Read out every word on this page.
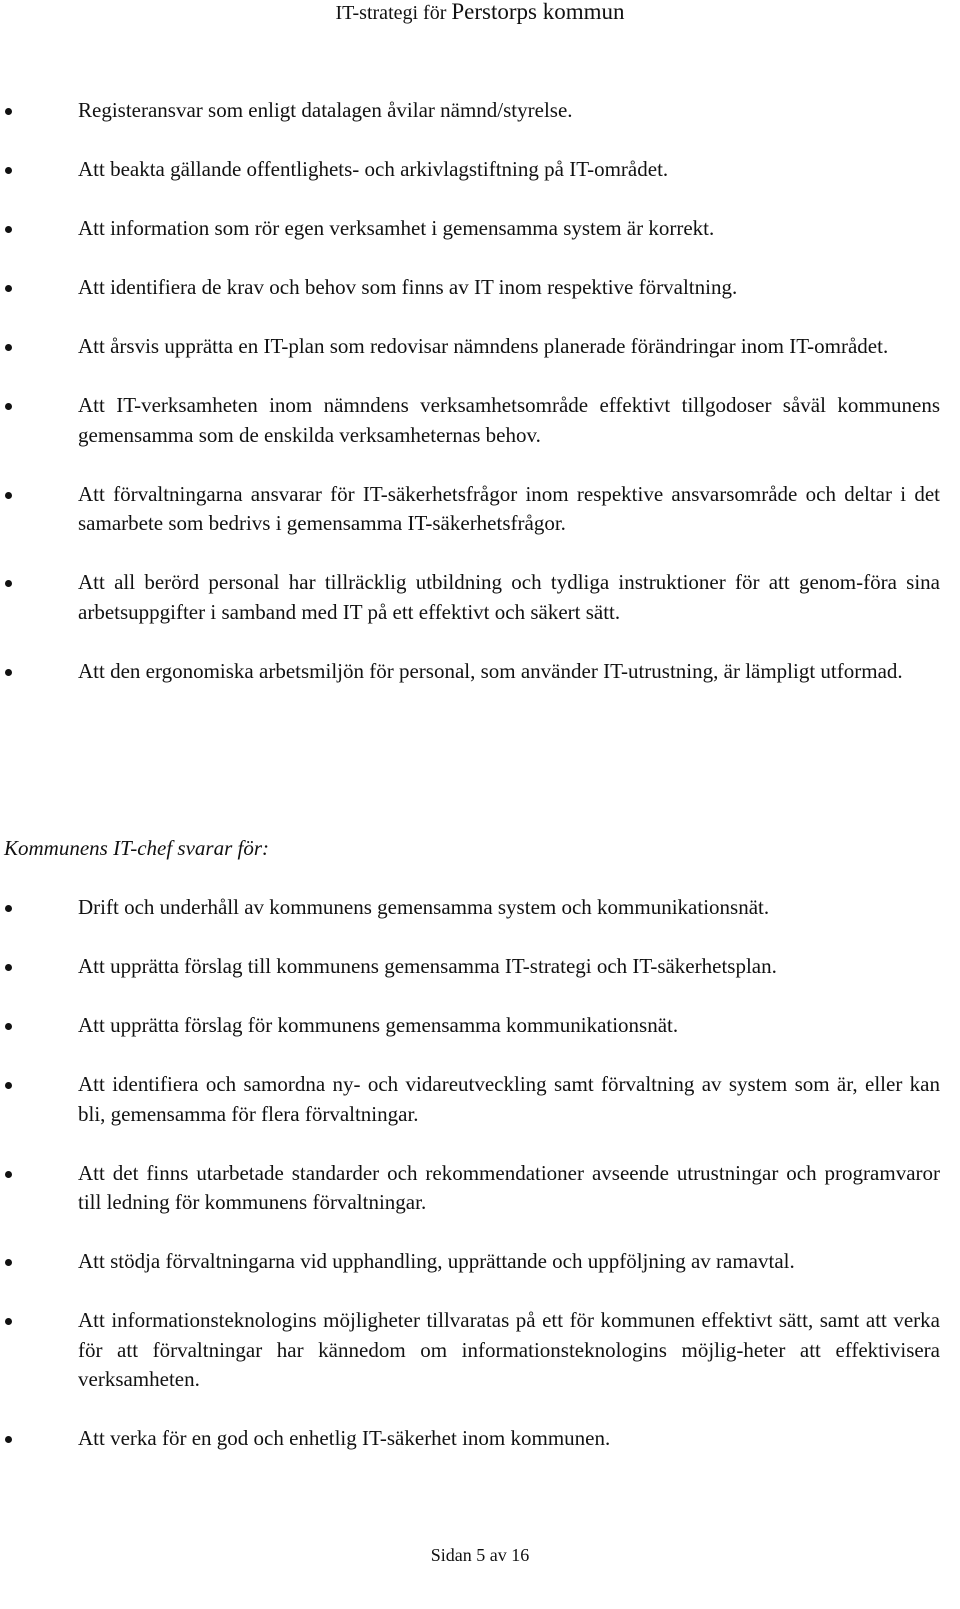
IT-strategi för Perstorps kommun
Registeransvar som enligt datalagen åvilar nämnd/styrelse.
Att beakta gällande offentlighets- och arkivlagstiftning på IT-området.
Att information som rör egen verksamhet i gemensamma system är korrekt.
Att identifiera de krav och behov som finns av IT inom respektive förvaltning.
Att årsvis upprätta en IT-plan som redovisar nämndens planerade förändringar inom IT-området.
Att IT-verksamheten inom nämndens verksamhetsområde effektivt tillgodoser såväl kommunens gemensamma som de enskilda verksamheternas behov.
Att förvaltningarna ansvarar för IT-säkerhetsfrågor inom respektive ansvarsområde och deltar i det samarbete som bedrivs i gemensamma IT-säkerhetsfrågor.
Att all berörd personal har tillräcklig utbildning och tydliga instruktioner för att genom-föra sina arbetsuppgifter i samband med IT på ett effektivt och säkert sätt.
Att den ergonomiska arbetsmiljön för personal, som använder IT-utrustning, är lämpligt utformad.
Kommunens IT-chef svarar för:
Drift och underhåll av kommunens gemensamma system och kommunikationsnät.
Att upprätta förslag till kommunens gemensamma IT-strategi och IT-säkerhetsplan.
Att upprätta förslag för kommunens gemensamma kommunikationsnät.
Att identifiera och samordna ny- och vidareutveckling samt förvaltning av system som är, eller kan bli, gemensamma för flera förvaltningar.
Att det finns utarbetade standarder och rekommendationer avseende utrustningar och programvaror till ledning för kommunens förvaltningar.
Att stödja förvaltningarna vid upphandling, upprättande och uppföljning av ramavtal.
Att informationsteknologins möjligheter tillvaratas på ett för kommunen effektivt sätt, samt att verka för att förvaltningar har kännedom om informationsteknologins möjlig-heter att effektivisera verksamheten.
Att verka för en god och enhetlig IT-säkerhet inom kommunen.
Sidan 5 av 16
